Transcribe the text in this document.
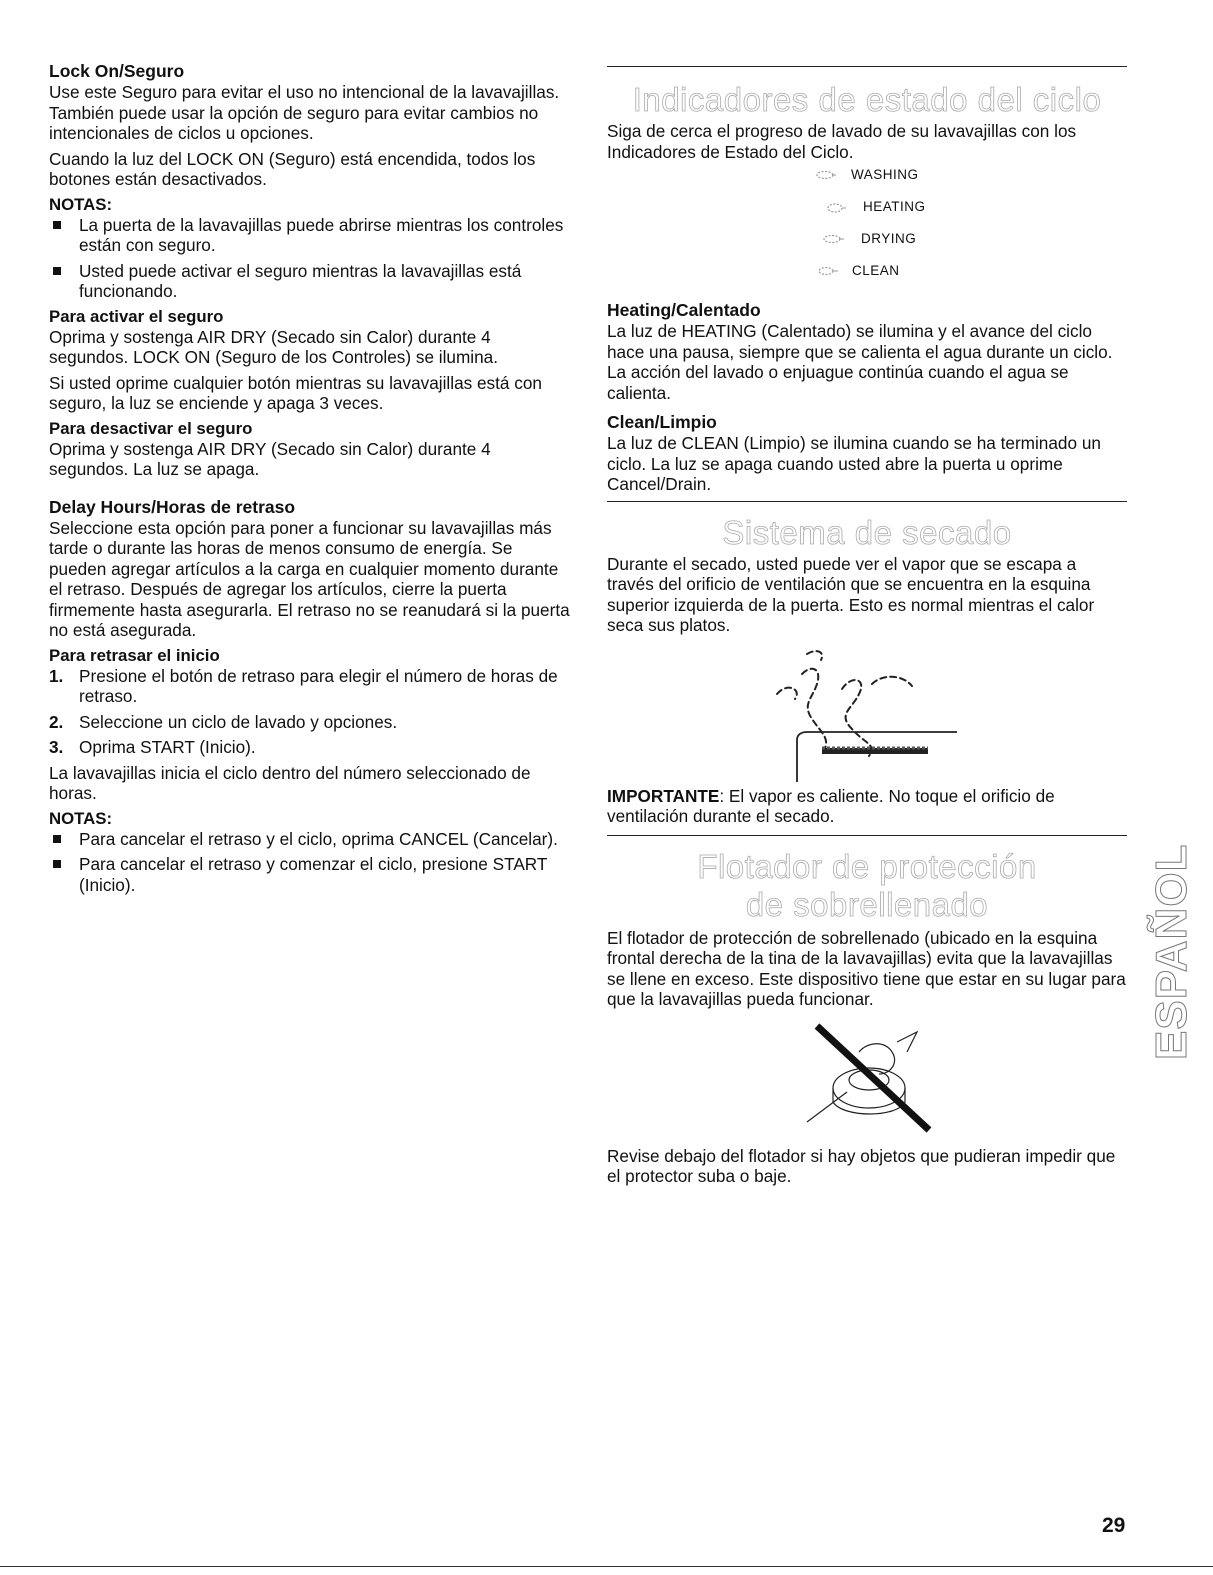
Lock On/Seguro

Use este Seguro para evitar el uso no intencional de la lavavajillas. También puede usar la opción de seguro para evitar cambios no intencionales de ciclos u opciones.

Cuando la luz del LOCK ON (Seguro) está encendida, todos los botones están desactivados.

NOTAS:
La puerta de la lavavajillas puede abrirse mientras los controles están con seguro.
Usted puede activar el seguro mientras la lavavajillas está funcionando.
Para activar el seguro

Oprima y sostenga AIR DRY (Secado sin Calor) durante 4 segundos. LOCK ON (Seguro de los Controles) se ilumina.

Si usted oprime cualquier botón mientras su lavavajillas está con seguro, la luz se enciende y apaga 3 veces.

Para desactivar el seguro

Oprima y sostenga AIR DRY (Secado sin Calor) durante 4 segundos. La luz se apaga.

Delay Hours/Horas de retraso

Seleccione esta opción para poner a funcionar su lavavajillas más tarde o durante las horas de menos consumo de energía. Se pueden agregar artículos a la carga en cualquier momento durante el retraso. Después de agregar los artículos, cierre la puerta firmemente hasta asegurarla. El retraso no se reanudará si la puerta no está asegurada.

Para retrasar el inicio
1. Presione el botón de retraso para elegir el número de horas de retraso.
2. Seleccione un ciclo de lavado y opciones.
3. Oprima START (Inicio).

La lavavajillas inicia el ciclo dentro del número seleccionado de horas.

NOTAS:
Para cancelar el retraso y el ciclo, oprima CANCEL (Cancelar).
Para cancelar el retraso y comenzar el ciclo, presione START (Inicio).
Indicadores de estado del ciclo

Siga de cerca el progreso de lavado de su lavavajillas con los Indicadores de Estado del Ciclo.

WASHING
HEATING
DRYING
CLEAN
Heating/Calentado

La luz de HEATING (Calentado) se ilumina y el avance del ciclo hace una pausa, siempre que se calienta el agua durante un ciclo. La acción del lavado o enjuague continúa cuando el agua se calienta.

Clean/Limpio

La luz de CLEAN (Limpio) se ilumina cuando se ha terminado un ciclo. La luz se apaga cuando usted abre la puerta u oprime Cancel/Drain.

Sistema de secado

Durante el secado, usted puede ver el vapor que se escapa a través del orificio de ventilación que se encuentra en la esquina superior izquierda de la puerta. Esto es normal mientras el calor seca sus platos.

IMPORTANTE: El vapor es caliente. No toque el orificio de ventilación durante el secado.

Flotador de protección
de sobrellenado

El flotador de protección de sobrellenado (ubicado en la esquina frontal derecha de la tina de la lavavajillas) evita que la lavavajillas se llene en exceso. Este dispositivo tiene que estar en su lugar para que la lavavajillas pueda funcionar.

Revise debajo del flotador si hay objetos que pudieran impedir que el protector suba o baje.

ESPAÑOL
29
